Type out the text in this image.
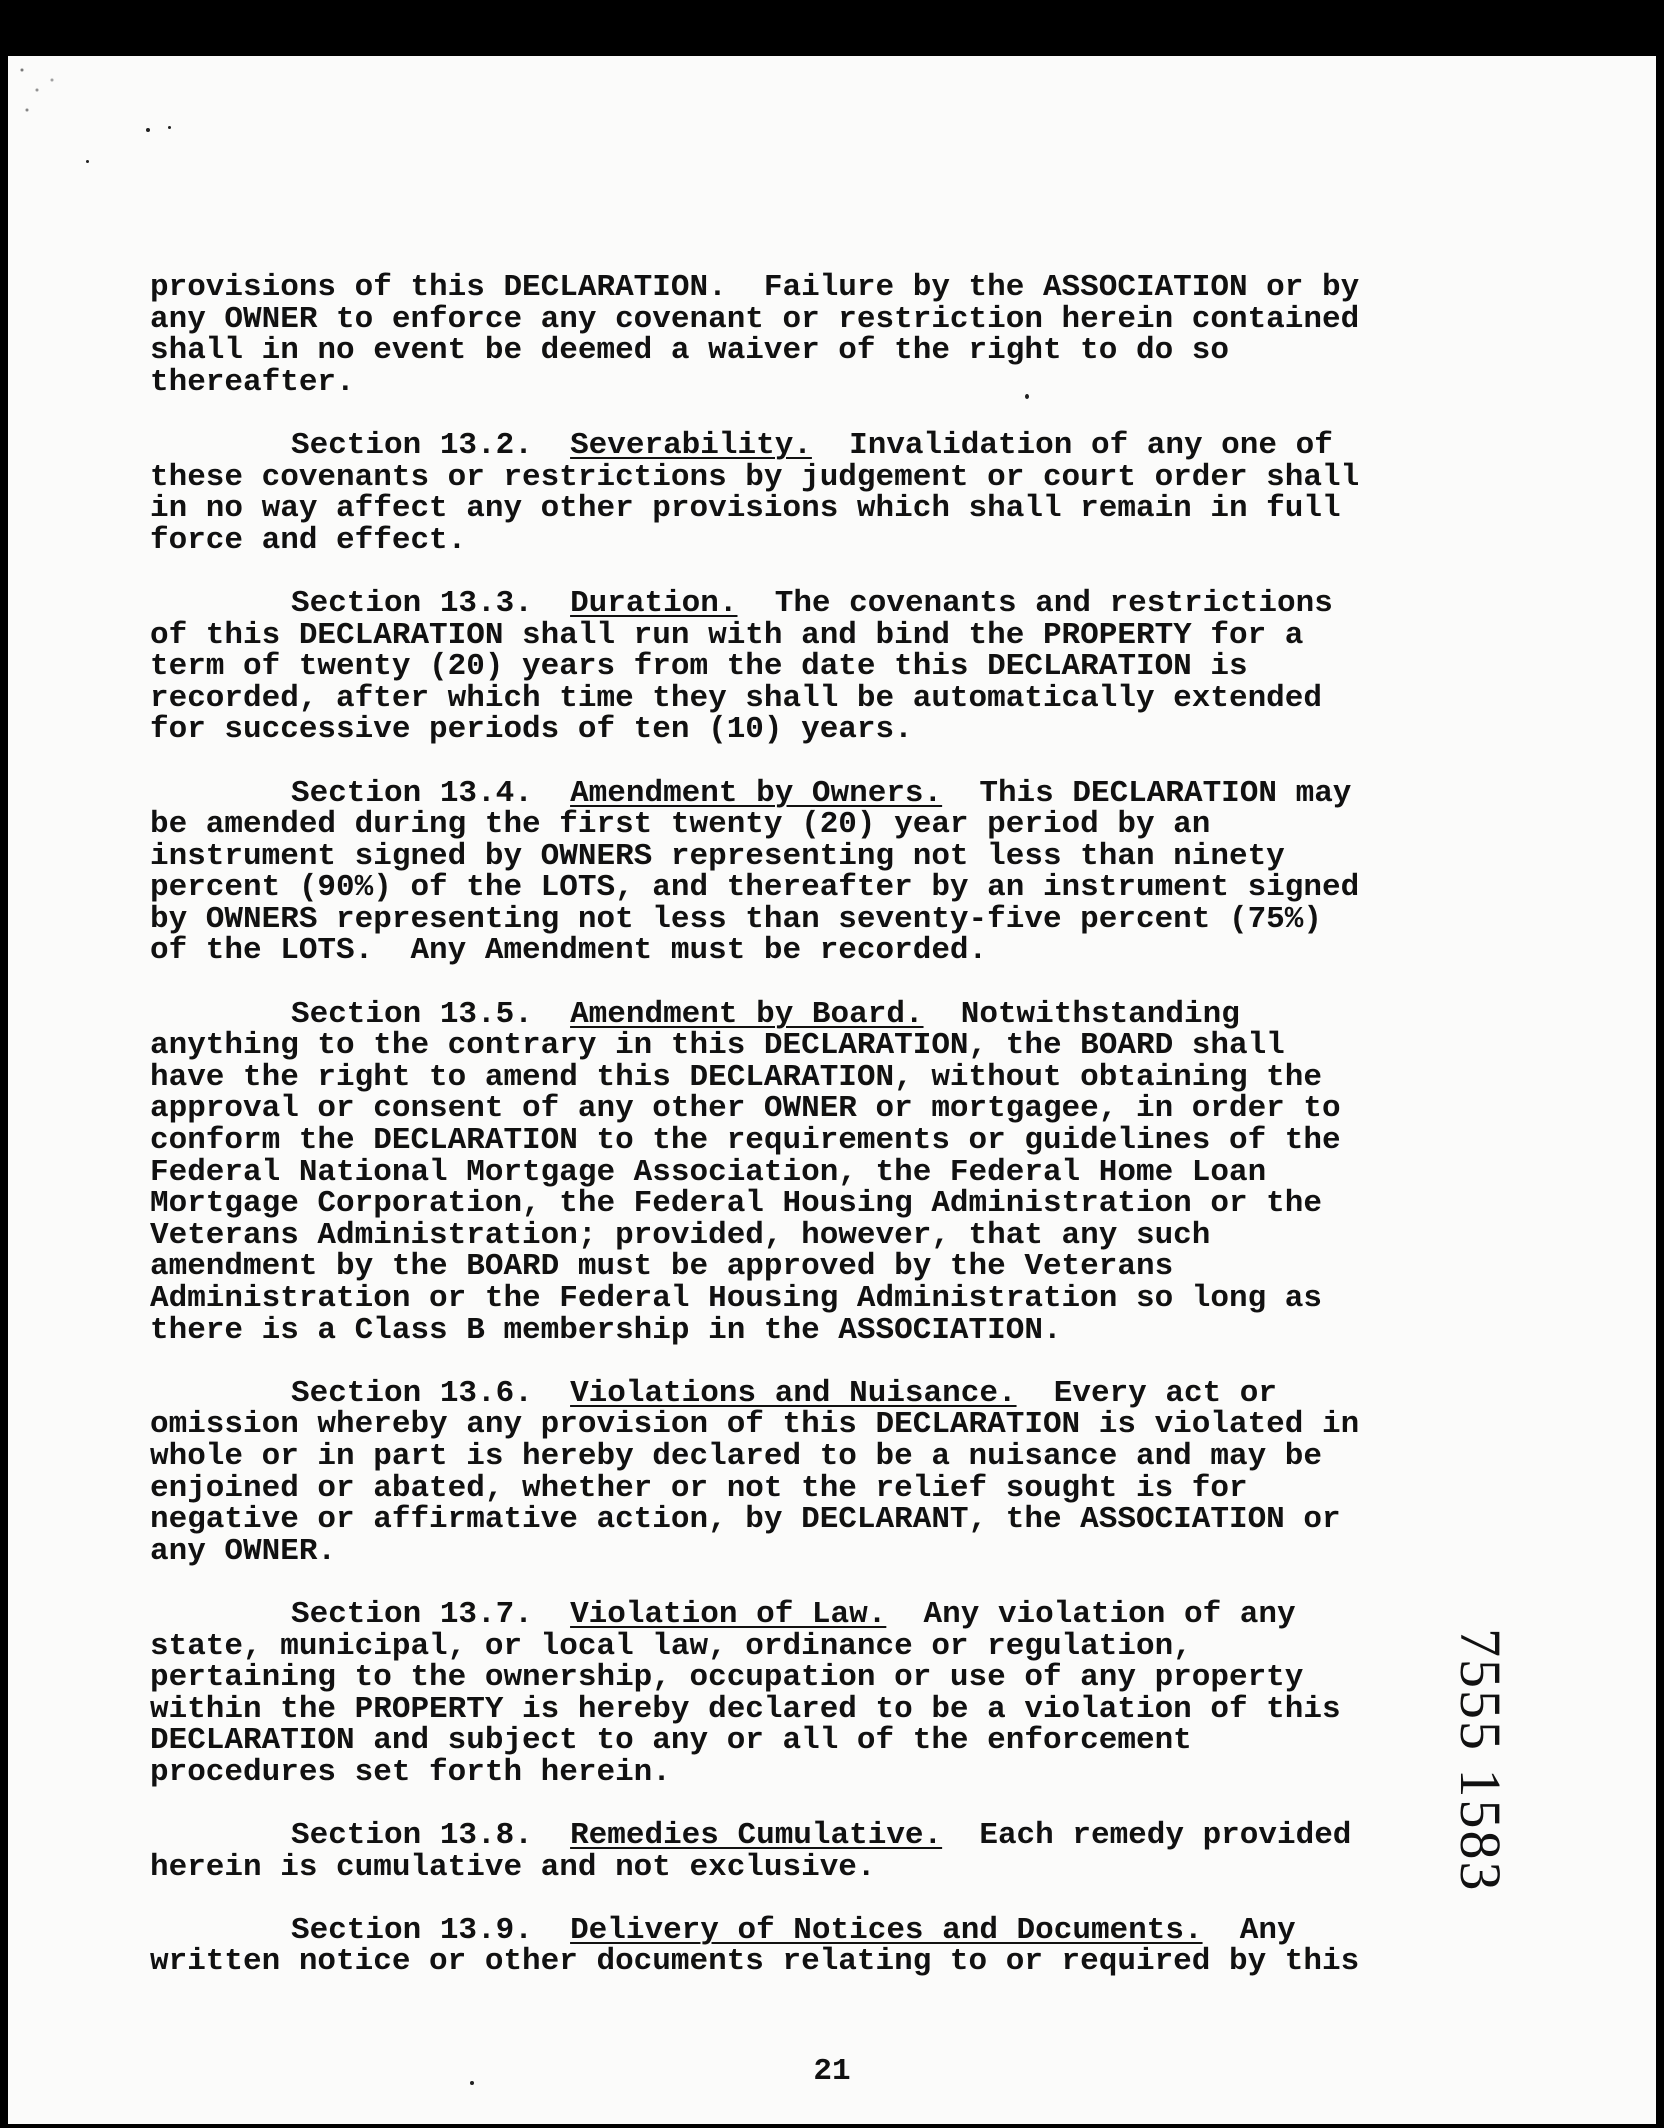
provisions of this DECLARATION.  Failure by the ASSOCIATION or by
any OWNER to enforce any covenant or restriction herein contained
shall in no event be deemed a waiver of the right to do so
thereafter.
Section 13.2. Severability. Invalidation of any one of
these covenants or restrictions by judgement or court order shall
in no way affect any other provisions which shall remain in full
force and effect.
Section 13.3. Duration. The covenants and restrictions
of this DECLARATION shall run with and bind the PROPERTY for a
term of twenty (20) years from the date this DECLARATION is
recorded, after which time they shall be automatically extended
for successive periods of ten (10) years.
Section 13.4. Amendment by Owners. This DECLARATION may
be amended during the first twenty (20) year period by an
instrument signed by OWNERS representing not less than ninety
percent (90%) of the LOTS, and thereafter by an instrument signed
by OWNERS representing not less than seventy-five percent (75%)
of the LOTS.  Any Amendment must be recorded.
Section 13.5. Amendment by Board. Notwithstanding
anything to the contrary in this DECLARATION, the BOARD shall
have the right to amend this DECLARATION, without obtaining the
approval or consent of any other OWNER or mortgagee, in order to
conform the DECLARATION to the requirements or guidelines of the
Federal National Mortgage Association, the Federal Home Loan
Mortgage Corporation, the Federal Housing Administration or the
Veterans Administration; provided, however, that any such
amendment by the BOARD must be approved by the Veterans
Administration or the Federal Housing Administration so long as
there is a Class B membership in the ASSOCIATION.
Section 13.6. Violations and Nuisance. Every act or
omission whereby any provision of this DECLARATION is violated in
whole or in part is hereby declared to be a nuisance and may be
enjoined or abated, whether or not the relief sought is for
negative or affirmative action, by DECLARANT, the ASSOCIATION or
any OWNER.
Section 13.7. Violation of Law. Any violation of any
state, municipal, or local law, ordinance or regulation,
pertaining to the ownership, occupation or use of any property
within the PROPERTY is hereby declared to be a violation of this
DECLARATION and subject to any or all of the enforcement
procedures set forth herein.
Section 13.8. Remedies Cumulative. Each remedy provided
herein is cumulative and not exclusive.
Section 13.9. Delivery of Notices and Documents. Any
written notice or other documents relating to or required by this
21
7555 1583
